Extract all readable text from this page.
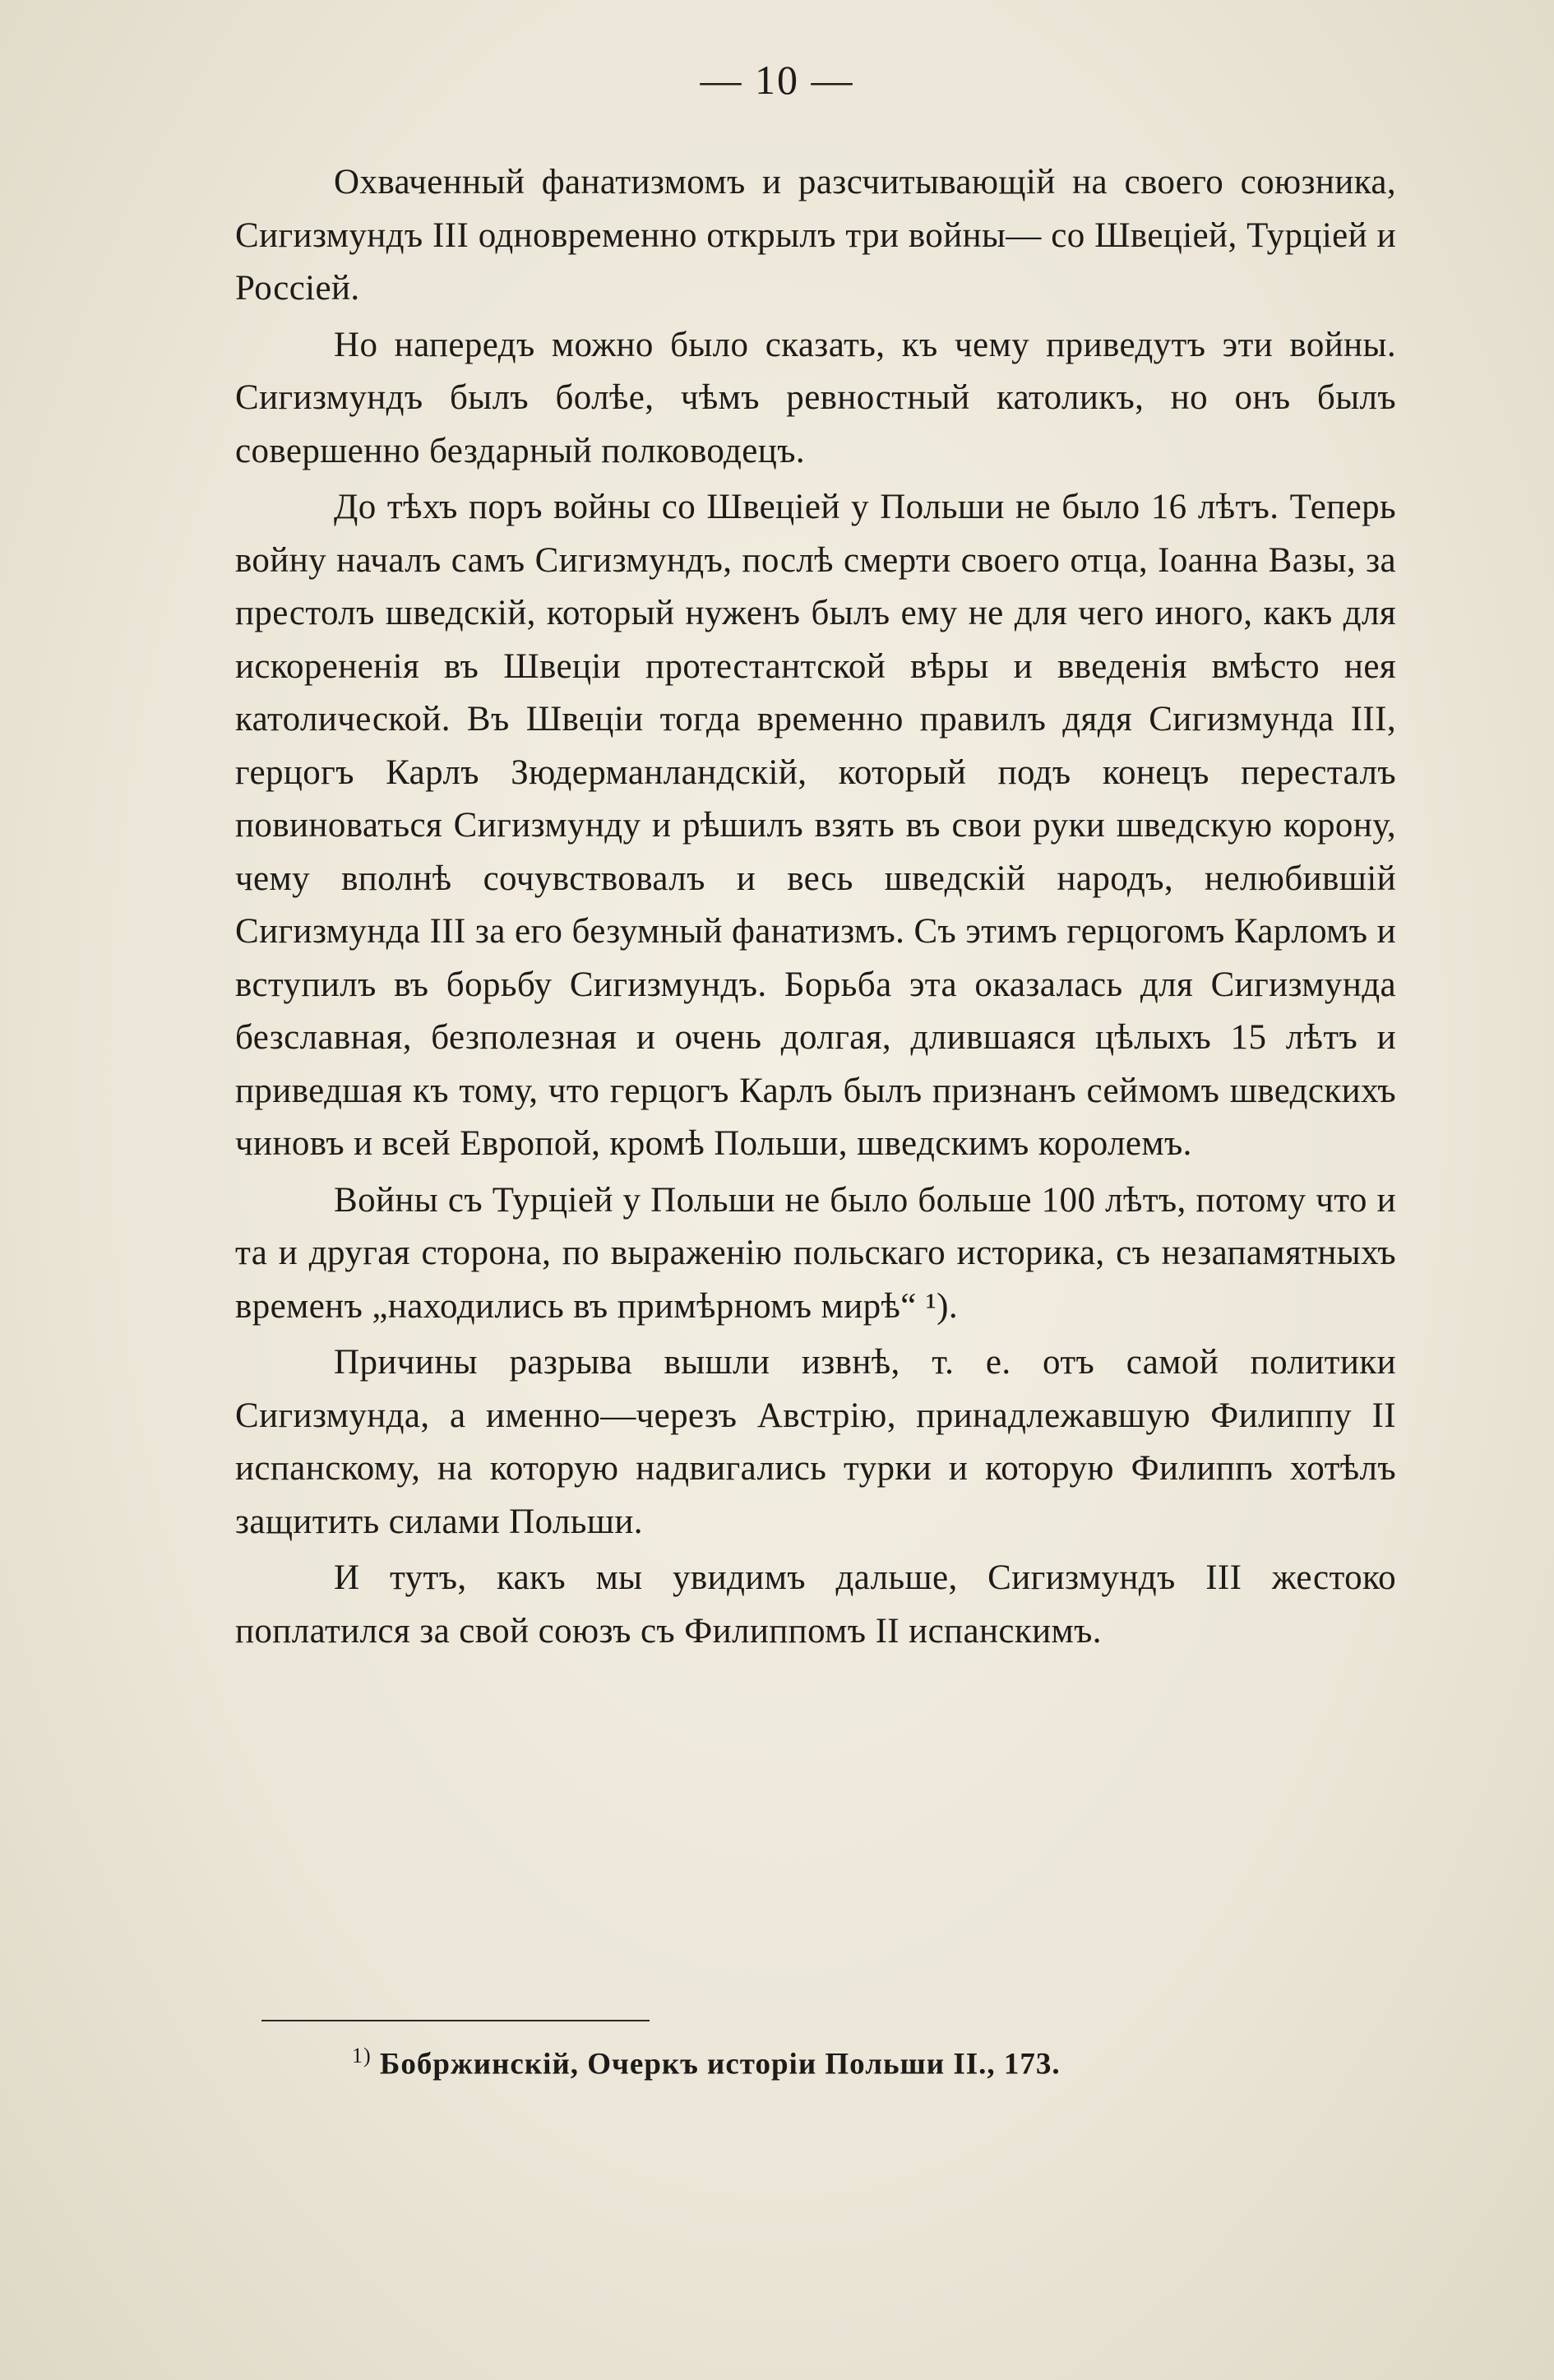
— 10 —

Охваченный фанатизмомъ и разсчитывающій на своего союзника, Сигизмундъ III одновременно открылъ три войны— со Швеціей, Турціей и Россіей.

Но напередъ можно было сказать, къ чему приведутъ эти войны. Сигизмундъ былъ болѣе, чѣмъ ревностный католикъ, но онъ былъ совершенно бездарный полководецъ.

До тѣхъ поръ войны со Швеціей у Польши не было 16 лѣтъ. Теперь войну началъ самъ Сигизмундъ, послѣ смерти своего отца, Іоанна Вазы, за престолъ шведскій, который нуженъ былъ ему не для чего иного, какъ для искорененія въ Швеціи протестантской вѣры и введенія вмѣсто нея католической. Въ Швеціи тогда временно правилъ дядя Сигизмунда III, герцогъ Карлъ Зюдерманландскій, который подъ конецъ пересталъ повиноваться Сигизмунду и рѣшилъ взять въ свои руки шведскую корону, чему вполнѣ сочувствовалъ и весь шведскій народъ, нелюбившій Сигизмунда III за его безумный фанатизмъ. Съ этимъ герцогомъ Карломъ и вступилъ въ борьбу Сигизмундъ. Борьба эта оказалась для Сигизмунда безславная, безполезная и очень долгая, длившаяся цѣлыхъ 15 лѣтъ и приведшая къ тому, что герцогъ Карлъ былъ признанъ сеймомъ шведскихъ чиновъ и всей Европой, кромѣ Польши, шведскимъ королемъ.

Войны съ Турціей у Польши не было больше 100 лѣтъ, потому что и та и другая сторона, по выраженію польскаго историка, съ незапамятныхъ временъ „находились въ примѣрномъ мирѣ“ ¹).

Причины разрыва вышли извнѣ, т. е. отъ самой политики Сигизмунда, а именно—черезъ Австрію, принадлежавшую Филиппу II испанскому, на которую надвигались турки и которую Филиппъ хотѣлъ защитить силами Польши.

И тутъ, какъ мы увидимъ дальше, Сигизмундъ III жестоко поплатился за свой союзъ съ Филиппомъ II испанскимъ.

$^{1)}$ Бобржинскій, Очеркъ исторіи Польши II., 173.
